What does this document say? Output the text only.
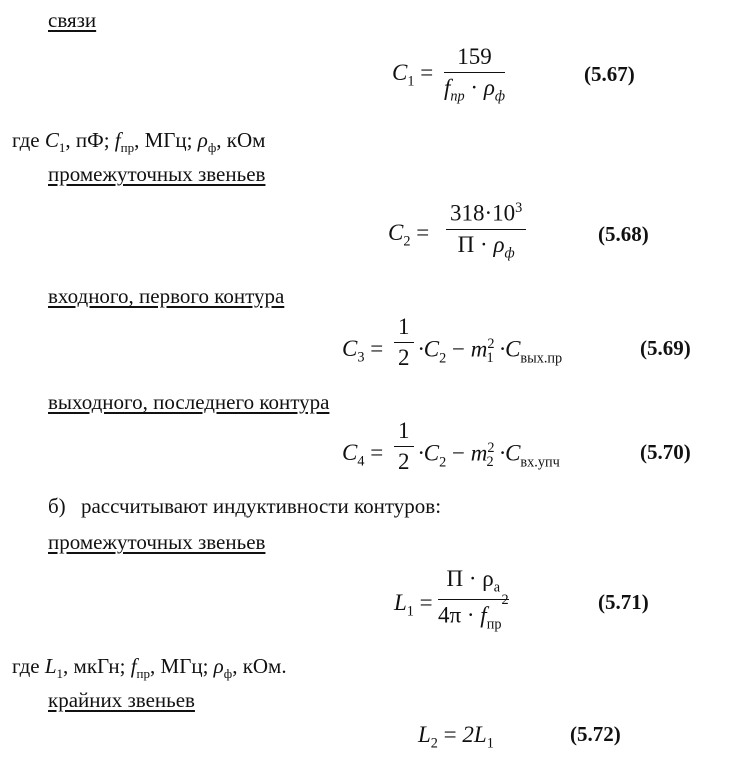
связи
$C_1$ =
159
$f_{пр} \cdot \rho_ф$
(5.67)
где $C_1$, пФ; $f_{пр}$, МГц; $\rho_ф$, кОм
промежуточных звеньев
$C_2$ =
$318\cdot 10^3$
$П \cdot \rho_ф$
(5.68)
входного, первого контура
$C_3$ =
1
$2 \cdot C_2 - m^2_1 \cdot C_{вых.пр}$	(5.69)
выходного, последнего контура
$C_4$ =
1
$2 \cdot C_2 - m^2_2 \cdot C_{вх.упч}$	(5.70)
б) рассчитывают индуктивности контуров:
промежуточных звеньев
$L_1$ =
$П \cdot \rho_а$
$4\pi \cdot f_{пр}^2$	(5.71)
где $L_1$, мкГн; $f_{пр}$, МГц; $\rho_ф$, кОм.
крайних звеньев
$L_2 = 2L_1$	(5.72)
